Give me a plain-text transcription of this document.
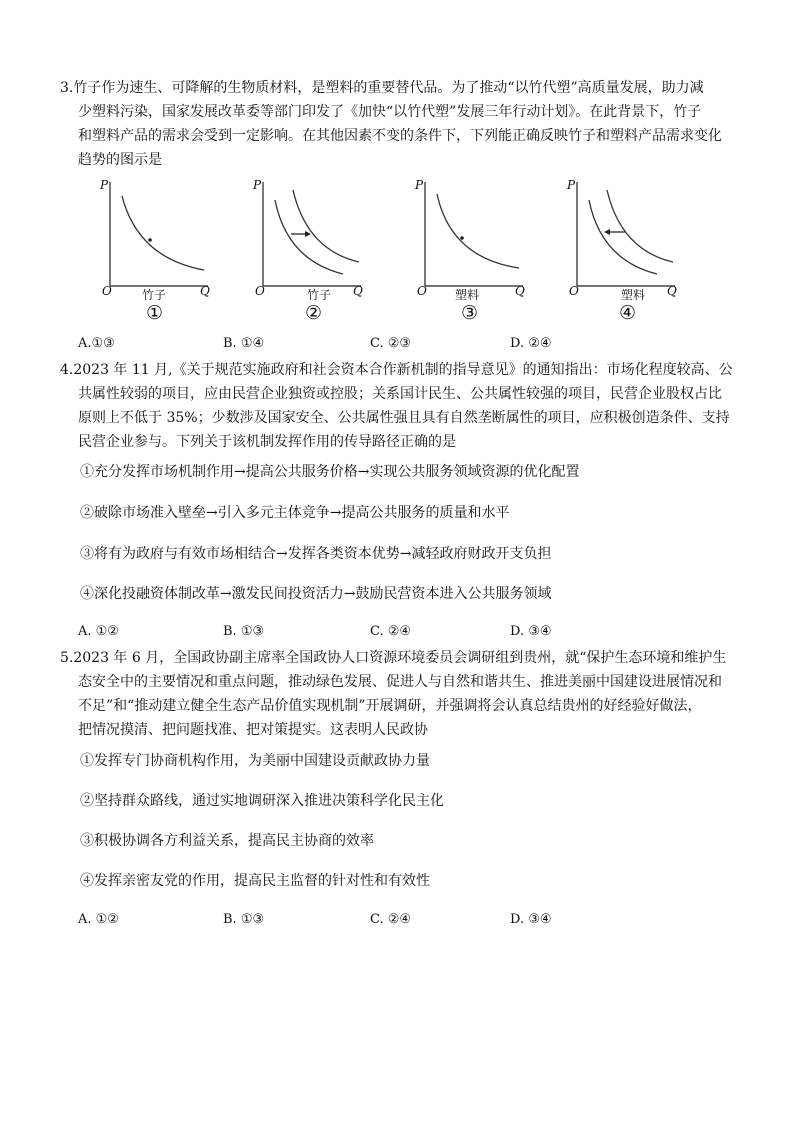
3.竹子作为速生、可降解的生物质材料，是塑料的重要替代品。为了推动“以竹代塑”高质量发展，助力减
少塑料污染，国家发展改革委等部门印发了《加快“以竹代塑”发展三年行动计划》。在此背景下，竹子
和塑料产品的需求会受到一定影响。在其他因素不变的条件下，下列能正确反映竹子和塑料产品需求变化
趋势的图示是
P
O	Q
竹子
①
P
O	Q
竹子
②
P
O	Q
塑料
③
P
O	Q
塑料
④
A.①③	B. ①④	C. ②③	D. ②④
4.2023 年 11 月,《关于规范实施政府和社会资本合作新机制的指导意见》的通知指出：市场化程度较高、公
共属性较弱的项目，应由民营企业独资或控股；关系国计民生、公共属性较强的项目，民营企业股权占比
原则上不低于 35%；少数涉及国家安全、公共属性强且具有自然垄断属性的项目，应积极创造条件、支持
民营企业参与。下列关于该机制发挥作用的传导路径正确的是
①充分发挥市场机制作用→提高公共服务价格→实现公共服务领域资源的优化配置
②破除市场准入壁垒→引入多元主体竞争→提高公共服务的质量和水平
③将有为政府与有效市场相结合→发挥各类资本优势→减轻政府财政开支负担
④深化投融资体制改革→激发民间投资活力→鼓励民营资本进入公共服务领域
A. ①②	B. ①③	C. ②④	D. ③④
5.2023 年 6 月，全国政协副主席率全国政协人口资源环境委员会调研组到贵州，就“保护生态环境和维护生
态安全中的主要情况和重点问题，推动绿色发展、促进人与自然和谐共生、推进美丽中国建设进展情况和
不足”和“推动建立健全生态产品价值实现机制”开展调研，并强调将会认真总结贵州的好经验好做法，
把情况摸清、把问题找准、把对策提实。这表明人民政协
①发挥专门协商机构作用，为美丽中国建设贡献政协力量
②坚持群众路线，通过实地调研深入推进决策科学化民主化
③积极协调各方利益关系，提高民主协商的效率
④发挥亲密友党的作用，提高民主监督的针对性和有效性
A. ①②	B. ①③	C. ②④	D. ③④
